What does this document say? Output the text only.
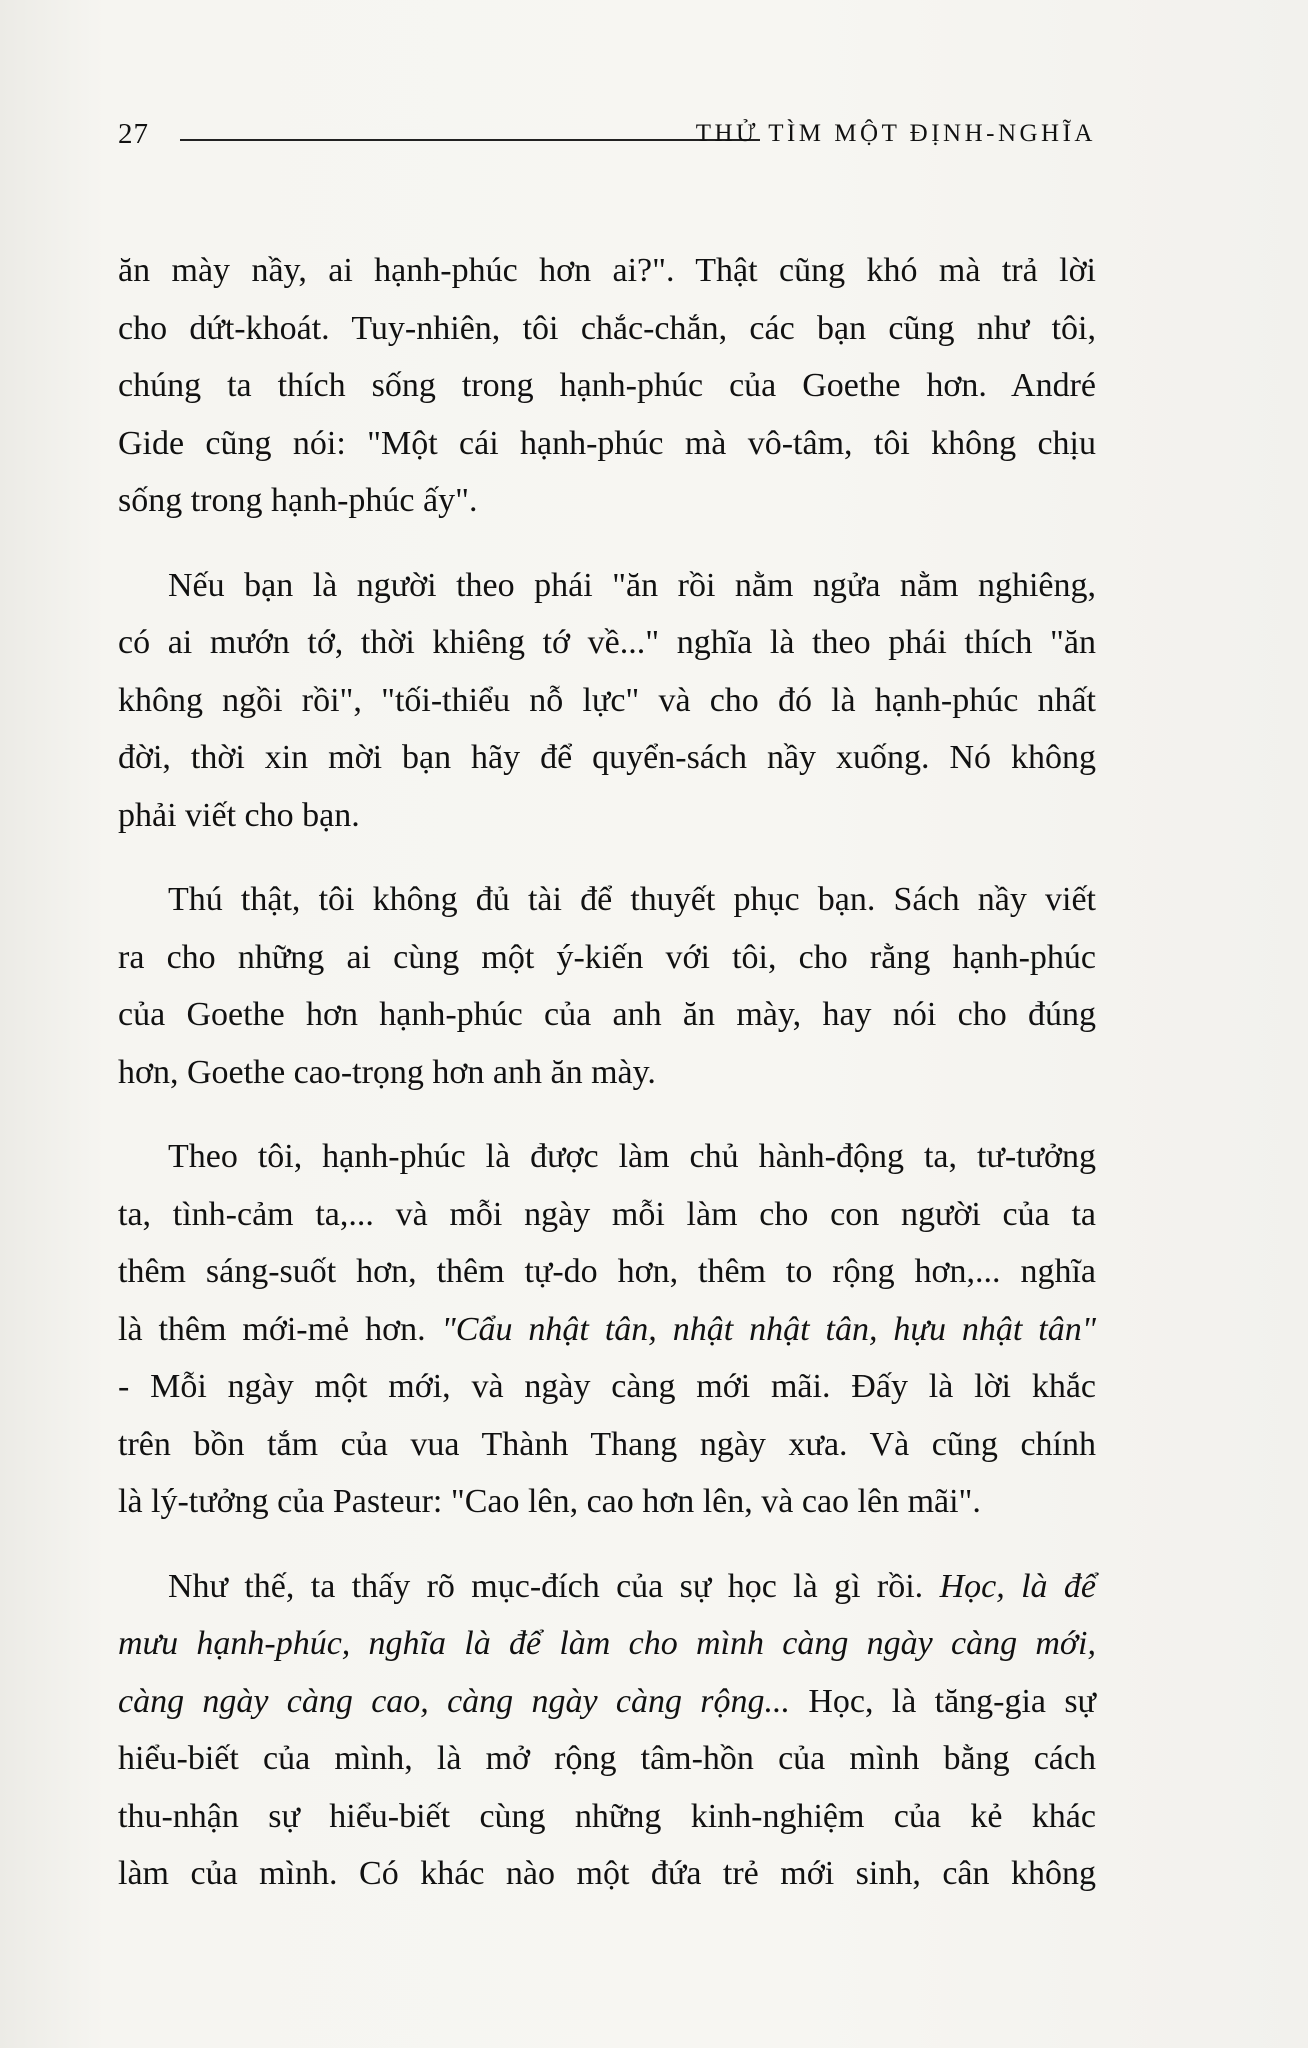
27	THỬ TÌM MỘT ĐỊNH-NGHĨA

ăn mày nầy, ai hạnh-phúc hơn ai?". Thật cũng khó mà trả lời
cho dứt-khoát. Tuy-nhiên, tôi chắc-chắn, các bạn cũng như tôi,
chúng ta thích sống trong hạnh-phúc của Goethe hơn. André
Gide cũng nói: "Một cái hạnh-phúc mà vô-tâm, tôi không chịu
sống trong hạnh-phúc ấy".

Nếu bạn là người theo phái "ăn rồi nằm ngửa nằm nghiêng,
có ai mướn tớ, thời khiêng tớ về..." nghĩa là theo phái thích "ăn
không ngồi rồi", "tối-thiểu nỗ lực" và cho đó là hạnh-phúc nhất
đời, thời xin mời bạn hãy để quyển-sách nầy xuống. Nó không
phải viết cho bạn.

Thú thật, tôi không đủ tài để thuyết phục bạn. Sách nầy viết
ra cho những ai cùng một ý-kiến với tôi, cho rằng hạnh-phúc
của Goethe hơn hạnh-phúc của anh ăn mày, hay nói cho đúng
hơn, Goethe cao-trọng hơn anh ăn mày.

Theo tôi, hạnh-phúc là được làm chủ hành-động ta, tư-tưởng
ta, tình-cảm ta,... và mỗi ngày mỗi làm cho con người của ta
thêm sáng-suốt hơn, thêm tự-do hơn, thêm to rộng hơn,... nghĩa
là thêm mới-mẻ hơn. "Cẩu nhật tân, nhật nhật tân, hựu nhật tân"
- Mỗi ngày một mới, và ngày càng mới mãi. Đấy là lời khắc
trên bồn tắm của vua Thành Thang ngày xưa. Và cũng chính
là lý-tưởng của Pasteur: "Cao lên, cao hơn lên, và cao lên mãi".

Như thế, ta thấy rõ mục-đích của sự học là gì rồi. Học, là để
mưu hạnh-phúc, nghĩa là để làm cho mình càng ngày càng mới,
càng ngày càng cao, càng ngày càng rộng... Học, là tăng-gia sự
hiểu-biết của mình, là mở rộng tâm-hồn của mình bằng cách
thu-nhận sự hiểu-biết cùng những kinh-nghiệm của kẻ khác
làm của mình. Có khác nào một đứa trẻ mới sinh, cân không
